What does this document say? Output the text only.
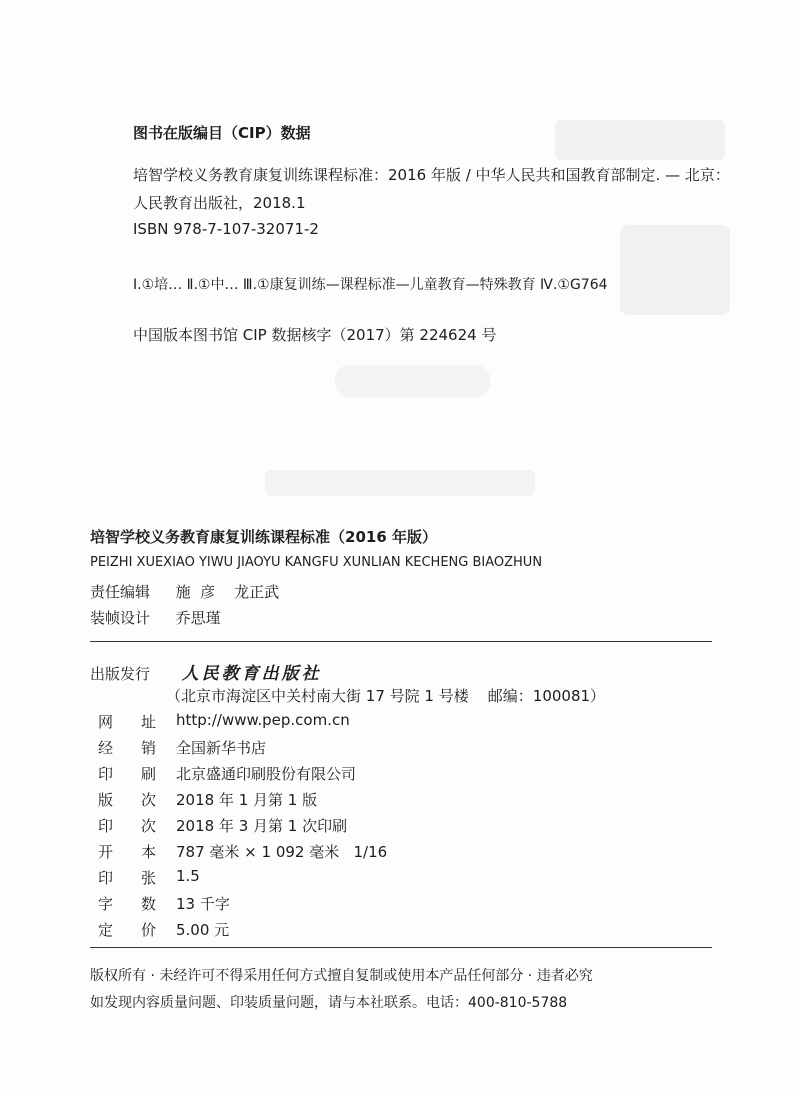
图书在版编目（CIP）数据
培智学校义务教育康复训练课程标准：2016 年版 / 中华人民共和国教育部制定. — 北京：
人民教育出版社，2018.1
ISBN 978-7-107-32071-2
Ⅰ.①培… Ⅱ.①中… Ⅲ.①康复训练—课程标准—儿童教育—特殊教育 Ⅳ.①G764
中国版本图书馆 CIP 数据核字（2017）第 224624 号
培智学校义务教育康复训练课程标准（2016 年版）
PEIZHI XUEXIAO YIWU JIAOYU KANGFU XUNLIAN KECHENG BIAOZHUN
责任编辑 施  彦    龙正武
装帧设计 乔思瑾
出版发行 人民教育出版社
（北京市海淀区中关村南大街 17 号院 1 号楼    邮编：100081）
网 址 http://www.pep.com.cn
经 销 全国新华书店
印 刷 北京盛通印刷股份有限公司
版 次 2018 年 1 月第 1 版
印 次 2018 年 3 月第 1 次印刷
开 本 787 毫米 × 1 092 毫米   1/16
印 张 1.5
字 数 13 千字
定 价 5.00 元
版权所有 · 未经许可不得采用任何方式擅自复制或使用本产品任何部分 · 违者必究
如发现内容质量问题、印装质量问题，请与本社联系。电话：400-810-5788
